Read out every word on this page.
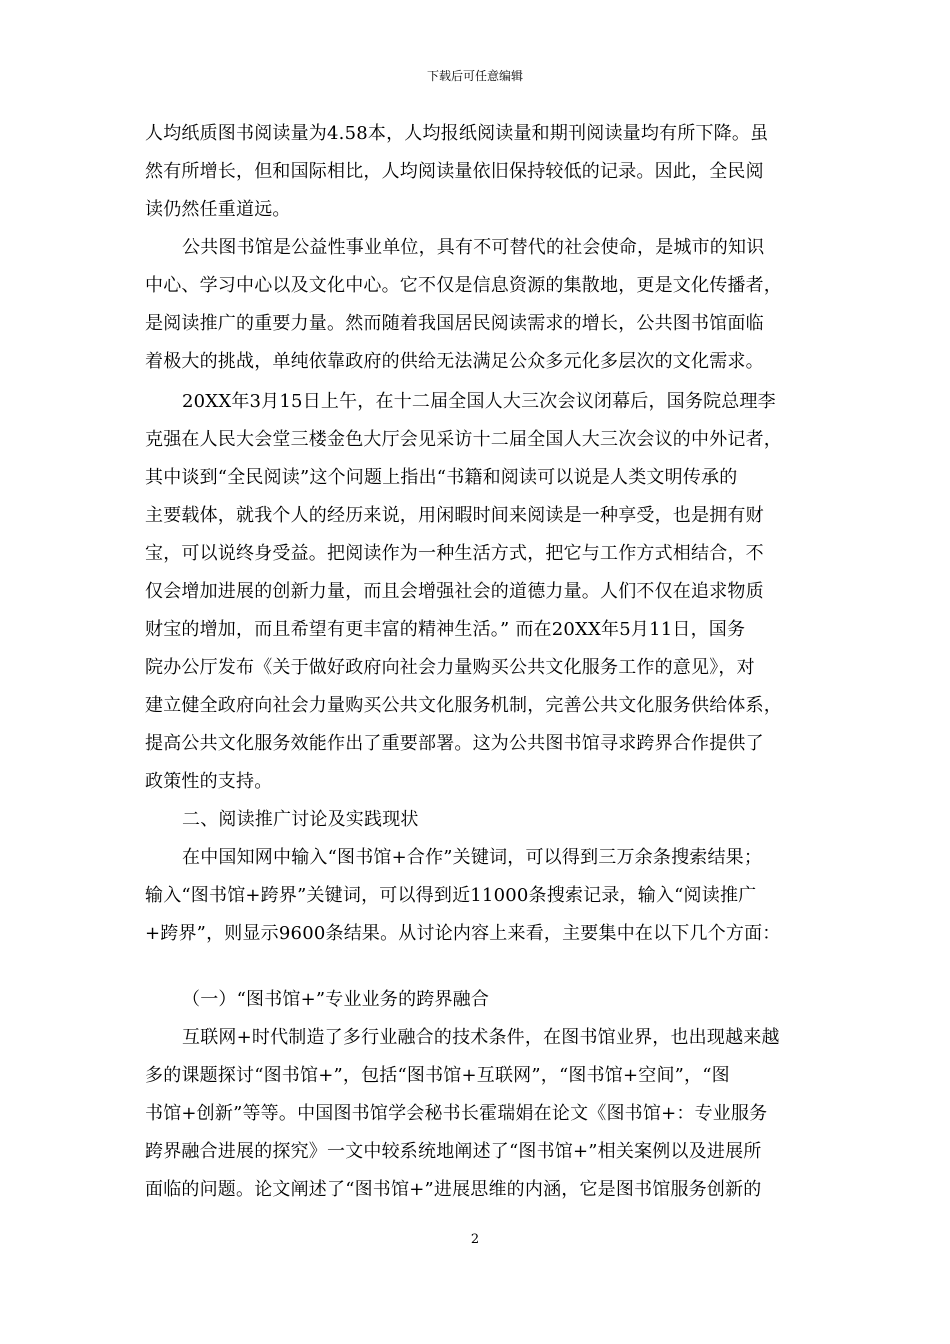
下载后可任意编辑
人均纸质图书阅读量为4.58本，人均报纸阅读量和期刊阅读量均有所下降。虽
然有所增长，但和国际相比，人均阅读量依旧保持较低的记录。因此，全民阅
读仍然任重道远。
公共图书馆是公益性事业单位，具有不可替代的社会使命，是城市的知识
中心、学习中心以及文化中心。它不仅是信息资源的集散地，更是文化传播者，
是阅读推广的重要力量。然而随着我国居民阅读需求的增长，公共图书馆面临
着极大的挑战，单纯依靠政府的供给无法满足公众多元化多层次的文化需求。
20XX年3月15日上午，在十二届全国人大三次会议闭幕后，国务院总理李
克强在人民大会堂三楼金色大厅会见采访十二届全国人大三次会议的中外记者，
其中谈到“全民阅读”这个问题上指出“书籍和阅读可以说是人类文明传承的
主要载体，就我个人的经历来说，用闲暇时间来阅读是一种享受，也是拥有财
宝，可以说终身受益。把阅读作为一种生活方式，把它与工作方式相结合，不
仅会增加进展的创新力量，而且会增强社会的道德力量。人们不仅在追求物质
财宝的增加，而且希望有更丰富的精神生活。” 而在20XX年5月11日，国务
院办公厅发布《关于做好政府向社会力量购买公共文化服务工作的意见》，对
建立健全政府向社会力量购买公共文化服务机制，完善公共文化服务供给体系，
提高公共文化服务效能作出了重要部署。这为公共图书馆寻求跨界合作提供了
政策性的支持。
二、阅读推广讨论及实践现状
在中国知网中输入“图书馆+合作”关键词，可以得到三万余条搜索结果；
输入“图书馆+跨界”关键词，可以得到近11000条搜索记录，输入“阅读推广
+跨界”，则显示9600条结果。从讨论内容上来看，主要集中在以下几个方面：
（一）“图书馆+”专业业务的跨界融合
互联网+时代制造了多行业融合的技术条件，在图书馆业界，也出现越来越
多的课题探讨“图书馆+”，包括“图书馆+互联网”，“图书馆+空间”，“图
书馆+创新”等等。中国图书馆学会秘书长霍瑞娟在论文《图书馆+：专业服务
跨界融合进展的探究》一文中较系统地阐述了“图书馆+”相关案例以及进展所
面临的问题。论文阐述了“图书馆+”进展思维的内涵，它是图书馆服务创新的
2
